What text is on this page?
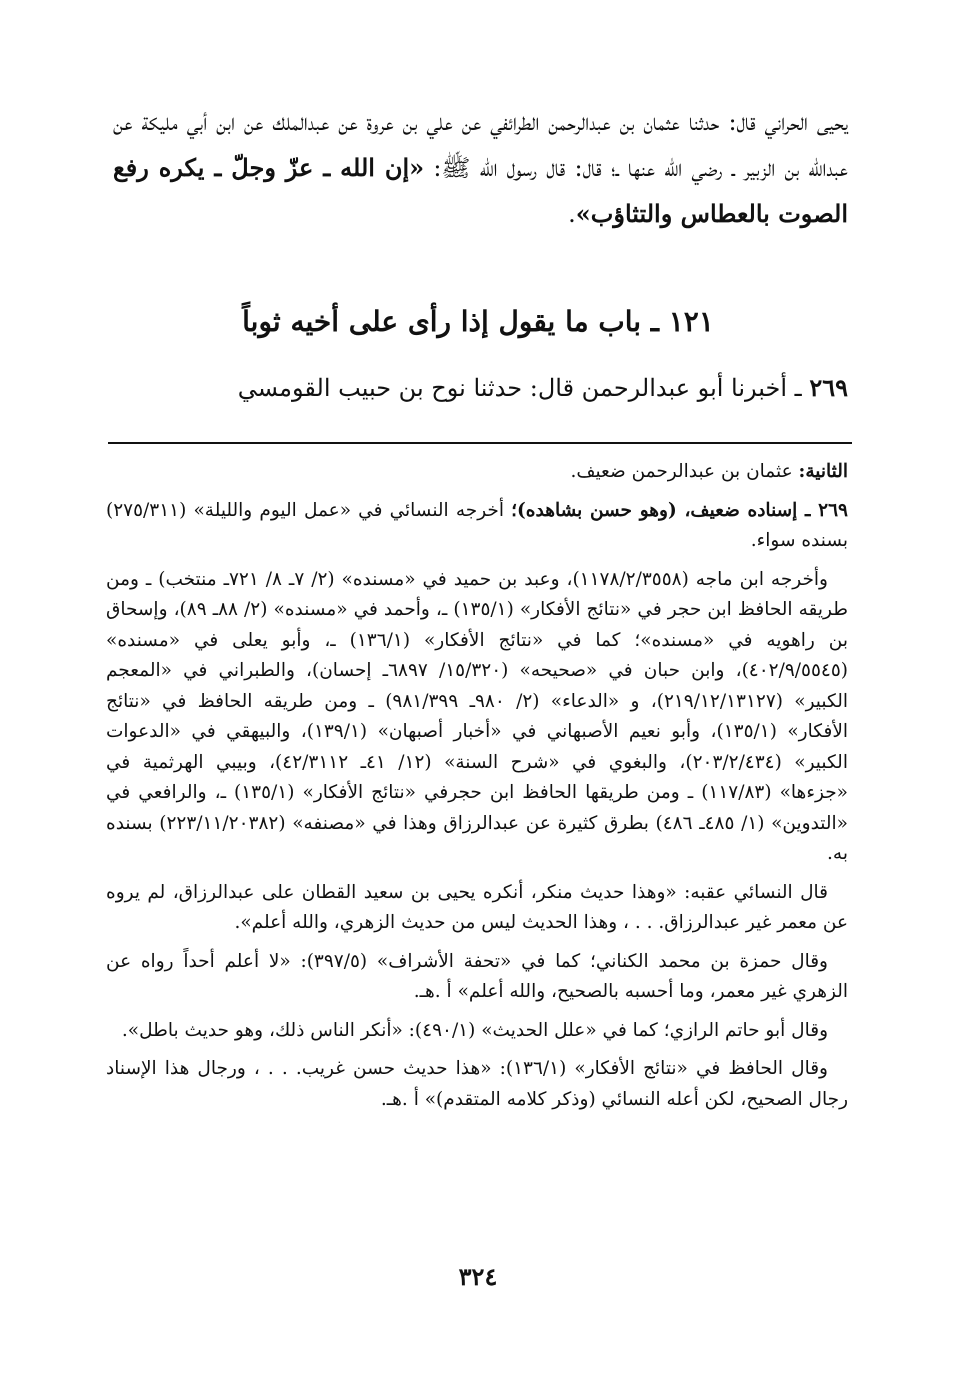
يحيى الحراني قال: حدثنا عثمان بن عبدالرحمن الطرائفي عن علي بن عروة عن عبدالملك عن ابن أبي مليكة عن عبدالله بن الزبير ـ رضي الله عنها ـ؛ قال: قال رسول الله ﷺ: «إن الله ـ عزّ وجلّ ـ يكره رفع الصوت بالعطاس والتثاؤب».

١٢١ ـ باب ما يقول إذا رأى على أخيه ثوباً
٢٦٩ ـ أخبرنا أبو عبدالرحمن قال: حدثنا نوح بن حبيب القومسي

الثانية: عثمان بن عبدالرحمن ضعيف.

٢٦٩ ـ إسناده ضعيف، (وهو حسن بشاهده)؛ أخرجه النسائي في «عمل اليوم والليلة» (٢٧٥/٣١١) بسنده سواء.

وأخرجه ابن ماجه (١١٧٨/٢/٣٥٥٨)، وعبد بن حميد في «مسنده» (٢/ ٧ـ ٨/ ٧٢١ـ منتخب) ـ ومن طريقه الحافظ ابن حجر في «نتائج الأفكار» (١٣٥/١) ـ، وأحمد في «مسنده» (٢/ ٨٨ـ ٨٩)، وإسحاق بن راهويه في «مسنده»؛ كما في «نتائج الأفكار» (١٣٦/١) ـ، وأبو يعلى في «مسنده» (٤٠٢/٩/٥٥٤٥)، وابن حبان في «صحيحه» (١٥/٣٢٠/ ٦٨٩٧ـ إحسان)، والطبراني في «المعجم الكبير» (٢١٩/١٢/١٣١٢٧)، و «الدعاء» (٢/ ٩٨٠ـ ٩٨١/٣٩٩) ـ ومن طريقه الحافظ في «نتائج الأفكار» (١٣٥/١)، وأبو نعيم الأصبهاني في «أخبار أصبهان» (١٣٩/١)، والبيهقي في «الدعوات الكبير» (٢٠٣/٢/٤٣٤)، والبغوي في «شرح السنة» (١٢/ ٤١ـ ٤٢/٣١١٢)، وبيبي الهرثمية في «جزءها» (١١٧/٨٣) ـ ومن طريقها الحافظ ابن حجرفي «نتائج الأفكار» (١٣٥/١) ـ، والرافعي في «التدوين» (١/ ٤٨٥ـ ٤٨٦) بطرق كثيرة عن عبدالرزاق وهذا في «مصنفه» (٢٢٣/١١/٢٠٣٨٢) بسنده به.

قال النسائي عقبه: «وهذا حديث منكر، أنكره يحيى بن سعيد القطان على عبدالرزاق، لم يروه عن معمر غير عبدالرزاق. . . ، وهذا الحديث ليس من حديث الزهري، والله أعلم».

وقال حمزة بن محمد الكناني؛ كما في «تحفة الأشراف» (٣٩٧/٥): «لا أعلم أحداً رواه عن الزهري غير معمر، وما أحسبه بالصحيح، والله أعلم» أ .هـ.

وقال أبو حاتم الرازي؛ كما في «علل الحديث» (٤٩٠/١): «أنكر الناس ذلك، وهو حديث باطل».

وقال الحافظ في «نتائج الأفكار» (١٣٦/١): «هذا حديث حسن غريب. . . ، ورجال هذا الإسناد رجال الصحيح، لكن أعله النسائي (وذكر كلامه المتقدم)» أ .هـ.

٣٢٤
